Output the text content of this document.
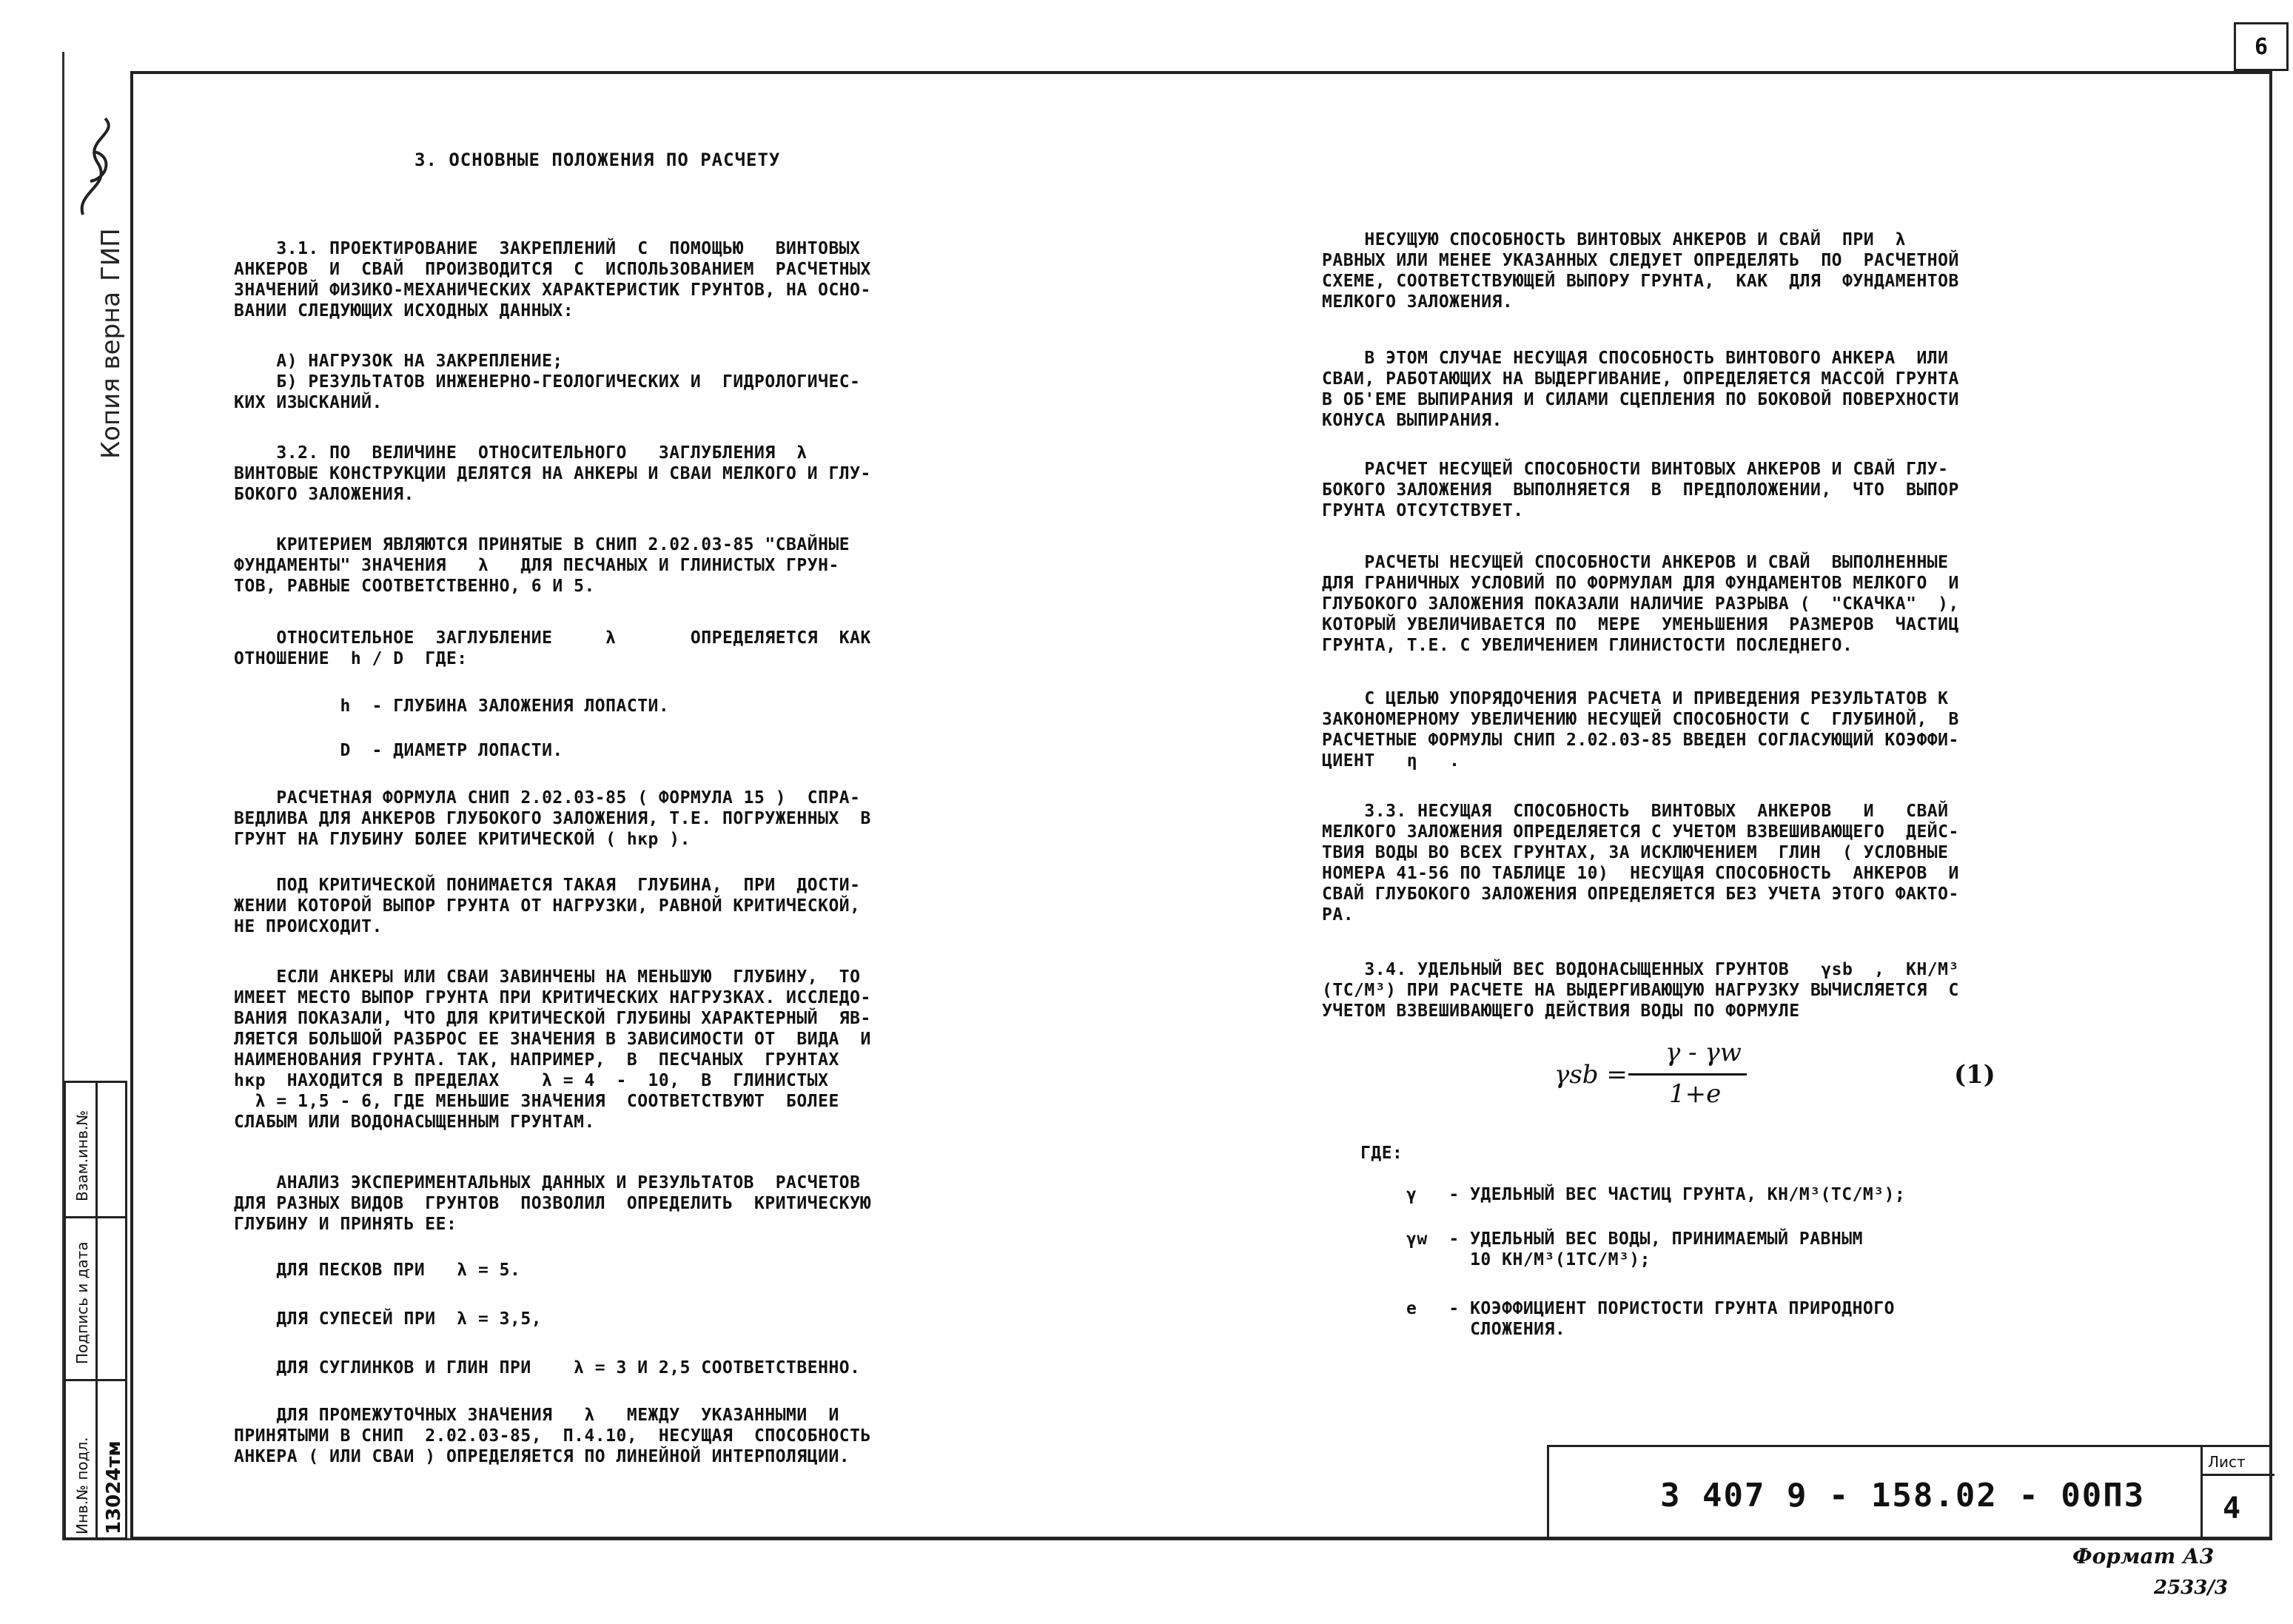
6
Копия верна
ГИП
Взам.инв.№
Подпись и дата
Инв.№ подл. 13024тм
3. ОСНОВНЫЕ ПОЛОЖЕНИЯ ПО РАСЧЕТУ
3.1. ПРОЕКТИРОВАНИЕ  ЗАКРЕПЛЕНИЙ  С  ПОМОЩЬЮ   ВИНТОВЫХ
АНКЕРОВ  И  СВАЙ  ПРОИЗВОДИТСЯ  С  ИСПОЛЬЗОВАНИЕМ  РАСЧЕТНЫХ
ЗНАЧЕНИЙ ФИЗИКО-МЕХАНИЧЕСКИХ ХАРАКТЕРИСТИК ГРУНТОВ, НА ОСНО-
ВАНИИ СЛЕДУЮЩИХ ИСХОДНЫХ ДАННЫХ:
А) НАГРУЗОК НА ЗАКРЕПЛЕНИЕ;
Б) РЕЗУЛЬТАТОВ ИНЖЕНЕРНО-ГЕОЛОГИЧЕСКИХ И  ГИДРОЛОГИЧЕС-
КИХ ИЗЫСКАНИЙ.
3.2. ПО  ВЕЛИЧИНЕ  ОТНОСИТЕЛЬНОГО   ЗАГЛУБЛЕНИЯ  λ
ВИНТОВЫЕ КОНСТРУКЦИИ ДЕЛЯТСЯ НА АНКЕРЫ И СВАИ МЕЛКОГО И ГЛУ-
БОКОГО ЗАЛОЖЕНИЯ.
КРИТЕРИЕМ ЯВЛЯЮТСЯ ПРИНЯТЫЕ В СНИП 2.02.03-85 "СВАЙНЫЕ
ФУНДАМЕНТЫ" ЗНАЧЕНИЯ   λ   ДЛЯ ПЕСЧАНЫХ И ГЛИНИСТЫХ ГРУН-
ТОВ, РАВНЫЕ СООТВЕТСТВЕННО, 6 И 5.
ОТНОСИТЕЛЬНОЕ  ЗАГЛУБЛЕНИЕ     λ       ОПРЕДЕЛЯЕТСЯ  КАК
ОТНОШЕНИЕ  h / D  ГДЕ:
h  - ГЛУБИНА ЗАЛОЖЕНИЯ ЛОПАСТИ.
D  - ДИАМЕТР ЛОПАСТИ.
РАСЧЕТНАЯ ФОРМУЛА СНИП 2.02.03-85 ( ФОРМУЛА 15 )  СПРА-
ВЕДЛИВА ДЛЯ АНКЕРОВ ГЛУБОКОГО ЗАЛОЖЕНИЯ, Т.Е. ПОГРУЖЕННЫХ  В
ГРУНТ НА ГЛУБИНУ БОЛЕЕ КРИТИЧЕСКОЙ ( hкр ).
ПОД КРИТИЧЕСКОЙ ПОНИМАЕТСЯ ТАКАЯ  ГЛУБИНА,  ПРИ  ДОСТИ-
ЖЕНИИ КОТОРОЙ ВЫПОР ГРУНТА ОТ НАГРУЗКИ, РАВНОЙ КРИТИЧЕСКОЙ,
НЕ ПРОИСХОДИТ.
ЕСЛИ АНКЕРЫ ИЛИ СВАИ ЗАВИНЧЕНЫ НА МЕНЬШУЮ  ГЛУБИНУ,  ТО
ИМЕЕТ МЕСТО ВЫПОР ГРУНТА ПРИ КРИТИЧЕСКИХ НАГРУЗКАХ. ИССЛЕДО-
ВАНИЯ ПОКАЗАЛИ, ЧТО ДЛЯ КРИТИЧЕСКОЙ ГЛУБИНЫ ХАРАКТЕРНЫЙ  ЯВ-
ЛЯЕТСЯ БОЛЬШОЙ РАЗБРОС ЕЕ ЗНАЧЕНИЯ В ЗАВИСИМОСТИ ОТ  ВИДА  И
НАИМЕНОВАНИЯ ГРУНТА. ТАК, НАПРИМЕР,  В  ПЕСЧАНЫХ  ГРУНТАХ
hкр  НАХОДИТСЯ В ПРЕДЕЛАХ    λ = 4  -  10,  В  ГЛИНИСТЫХ
λ = 1,5 - 6, ГДЕ МЕНЬШИЕ ЗНАЧЕНИЯ  СООТВЕТСТВУЮТ  БОЛЕЕ
СЛАБЫМ ИЛИ ВОДОНАСЫЩЕННЫМ ГРУНТАМ.
АНАЛИЗ ЭКСПЕРИМЕНТАЛЬНЫХ ДАННЫХ И РЕЗУЛЬТАТОВ  РАСЧЕТОВ
ДЛЯ РАЗНЫХ ВИДОВ  ГРУНТОВ  ПОЗВОЛИЛ  ОПРЕДЕЛИТЬ  КРИТИЧЕСКУЮ
ГЛУБИНУ И ПРИНЯТЬ ЕЕ:
ДЛЯ ПЕСКОВ ПРИ   λ = 5.
ДЛЯ СУПЕСЕЙ ПРИ  λ = 3,5,
ДЛЯ СУГЛИНКОВ И ГЛИН ПРИ    λ = 3 И 2,5 СООТВЕТСТВЕННО.
ДЛЯ ПРОМЕЖУТОЧНЫХ ЗНАЧЕНИЯ   λ   МЕЖДУ  УКАЗАННЫМИ  И
ПРИНЯТЫМИ В СНИП  2.02.03-85,  П.4.10,  НЕСУЩАЯ  СПОСОБНОСТЬ
АНКЕРА ( ИЛИ СВАИ ) ОПРЕДЕЛЯЕТСЯ ПО ЛИНЕЙНОЙ ИНТЕРПОЛЯЦИИ.
НЕСУЩУЮ СПОСОБНОСТЬ ВИНТОВЫХ АНКЕРОВ И СВАЙ  ПРИ  λ
РАВНЫХ ИЛИ МЕНЕЕ УКАЗАННЫХ СЛЕДУЕТ ОПРЕДЕЛЯТЬ  ПО  РАСЧЕТНОЙ
СХЕМЕ, СООТВЕТСТВУЮЩЕЙ ВЫПОРУ ГРУНТА,  КАК  ДЛЯ  ФУНДАМЕНТОВ
МЕЛКОГО ЗАЛОЖЕНИЯ.
В ЭТОМ СЛУЧАЕ НЕСУЩАЯ СПОСОБНОСТЬ ВИНТОВОГО АНКЕРА  ИЛИ
СВАИ, РАБОТАЮЩИХ НА ВЫДЕРГИВАНИЕ, ОПРЕДЕЛЯЕТСЯ МАССОЙ ГРУНТА
В ОБ'ЕМЕ ВЫПИРАНИЯ И СИЛАМИ СЦЕПЛЕНИЯ ПО БОКОВОЙ ПОВЕРХНОСТИ
КОНУСА ВЫПИРАНИЯ.
РАСЧЕТ НЕСУЩЕЙ СПОСОБНОСТИ ВИНТОВЫХ АНКЕРОВ И СВАЙ ГЛУ-
БОКОГО ЗАЛОЖЕНИЯ  ВЫПОЛНЯЕТСЯ  В  ПРЕДПОЛОЖЕНИИ,  ЧТО  ВЫПОР
ГРУНТА ОТСУТСТВУЕТ.
РАСЧЕТЫ НЕСУЩЕЙ СПОСОБНОСТИ АНКЕРОВ И СВАЙ  ВЫПОЛНЕННЫЕ
ДЛЯ ГРАНИЧНЫХ УСЛОВИЙ ПО ФОРМУЛАМ ДЛЯ ФУНДАМЕНТОВ МЕЛКОГО  И
ГЛУБОКОГО ЗАЛОЖЕНИЯ ПОКАЗАЛИ НАЛИЧИЕ РАЗРЫВА (  "СКАЧКА"  ),
КОТОРЫЙ УВЕЛИЧИВАЕТСЯ ПО  МЕРЕ  УМЕНЬШЕНИЯ  РАЗМЕРОВ  ЧАСТИЦ
ГРУНТА, Т.Е. С УВЕЛИЧЕНИЕМ ГЛИНИСТОСТИ ПОСЛЕДНЕГО.
С ЦЕЛЬЮ УПОРЯДОЧЕНИЯ РАСЧЕТА И ПРИВЕДЕНИЯ РЕЗУЛЬТАТОВ К
ЗАКОНОМЕРНОМУ УВЕЛИЧЕНИЮ НЕСУЩЕЙ СПОСОБНОСТИ С  ГЛУБИНОЙ,  В
РАСЧЕТНЫЕ ФОРМУЛЫ СНИП 2.02.03-85 ВВЕДЕН СОГЛАСУЮЩИЙ КОЭФФИ-
ЦИЕНТ   η   .
3.3. НЕСУЩАЯ  СПОСОБНОСТЬ  ВИНТОВЫХ  АНКЕРОВ   И   СВАЙ
МЕЛКОГО ЗАЛОЖЕНИЯ ОПРЕДЕЛЯЕТСЯ С УЧЕТОМ ВЗВЕШИВАЮЩЕГО  ДЕЙС-
ТВИЯ ВОДЫ ВО ВСЕХ ГРУНТАХ, ЗА ИСКЛЮЧЕНИЕМ  ГЛИН  ( УСЛОВНЫЕ
НОМЕРА 41-56 ПО ТАБЛИЦЕ 10)  НЕСУЩАЯ СПОСОБНОСТЬ  АНКЕРОВ  И
СВАЙ ГЛУБОКОГО ЗАЛОЖЕНИЯ ОПРЕДЕЛЯЕТСЯ БЕЗ УЧЕТА ЭТОГО ФАКТО-
РА.
3.4. УДЕЛЬНЫЙ ВЕС ВОДОНАСЫЩЕННЫХ ГРУНТОВ   γsb  ,  КН/М³
(ТС/М³) ПРИ РАСЧЕТЕ НА ВЫДЕРГИВАЮЩУЮ НАГРУЗКУ ВЫЧИСЛЯЕТСЯ  С
УЧЕТОМ ВЗВЕШИВАЮЩЕГО ДЕЙСТВИЯ ВОДЫ ПО ФОРМУЛЕ
γsb =
γ - γw
1+e
(1)
ГДЕ:
γ   - УДЕЛЬНЫЙ ВЕС ЧАСТИЦ ГРУНТА, КН/М³(ТС/М³);
γw  - УДЕЛЬНЫЙ ВЕС ВОДЫ, ПРИНИМАЕМЫЙ РАВНЫМ
10 КН/М³(1ТС/М³);
e   - КОЭФФИЦИЕНТ ПОРИСТОСТИ ГРУНТА ПРИРОДНОГО
СЛОЖЕНИЯ.
3 407 9 - 158.02 - 00ПЗ
Лист
4
Формат А3
2533/3
